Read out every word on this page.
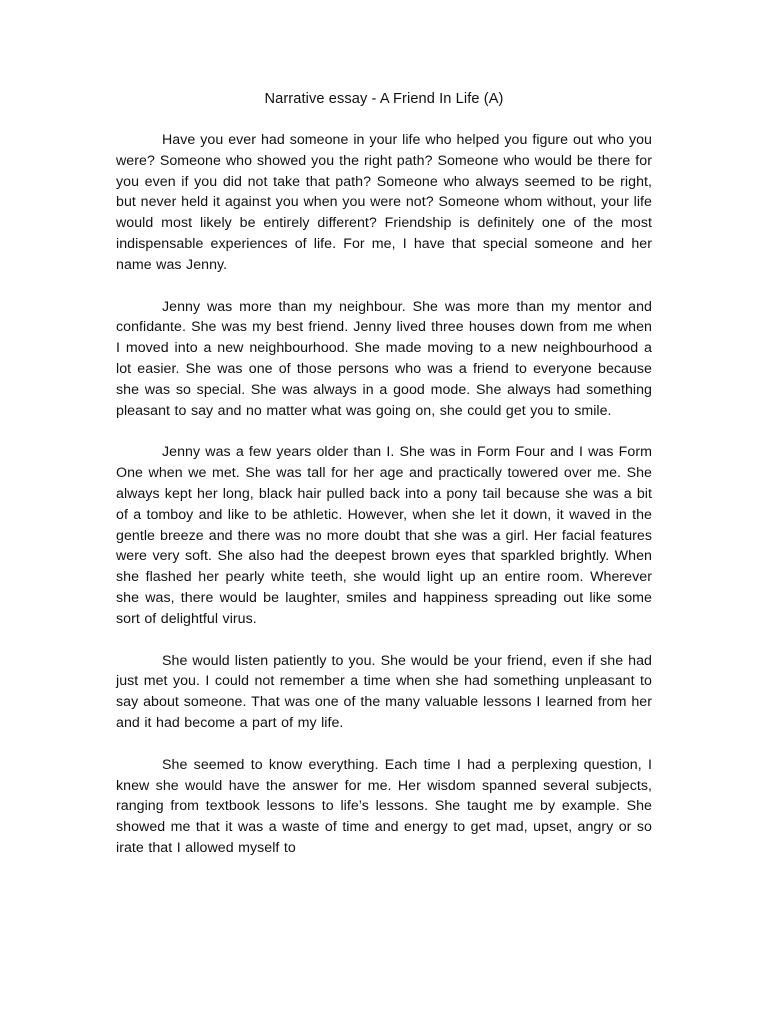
Narrative essay - A Friend In Life (A)

Have you ever had someone in your life who helped you figure out who you were? Someone who showed you the right path? Someone who would be there for you even if you did not take that path? Someone who always seemed to be right, but never held it against you when you were not? Someone whom without, your life would most likely be entirely different? Friendship is definitely one of the most indispensable experiences of life. For me, I have that special someone and her name was Jenny.

Jenny was more than my neighbour. She was more than my mentor and confidante. She was my best friend. Jenny lived three houses down from me when I moved into a new neighbourhood. She made moving to a new neighbourhood a lot easier. She was one of those persons who was a friend to everyone because she was so special. She was always in a good mode. She always had something pleasant to say and no matter what was going on, she could get you to smile.

Jenny was a few years older than I. She was in Form Four and I was Form One when we met. She was tall for her age and practically towered over me. She always kept her long, black hair pulled back into a pony tail because she was a bit of a tomboy and like to be athletic. However, when she let it down, it waved in the gentle breeze and there was no more doubt that she was a girl. Her facial features were very soft. She also had the deepest brown eyes that sparkled brightly. When she flashed her pearly white teeth, she would light up an entire room. Wherever she was, there would be laughter, smiles and happiness spreading out like some sort of delightful virus.

She would listen patiently to you. She would be your friend, even if she had just met you. I could not remember a time when she had something unpleasant to say about someone. That was one of the many valuable lessons I learned from her and it had become a part of my life.

She seemed to know everything. Each time I had a perplexing question, I knew she would have the answer for me. Her wisdom spanned several subjects, ranging from textbook lessons to life’s lessons. She taught me by example. She showed me that it was a waste of time and energy to get mad, upset, angry or so irate that I allowed myself to
